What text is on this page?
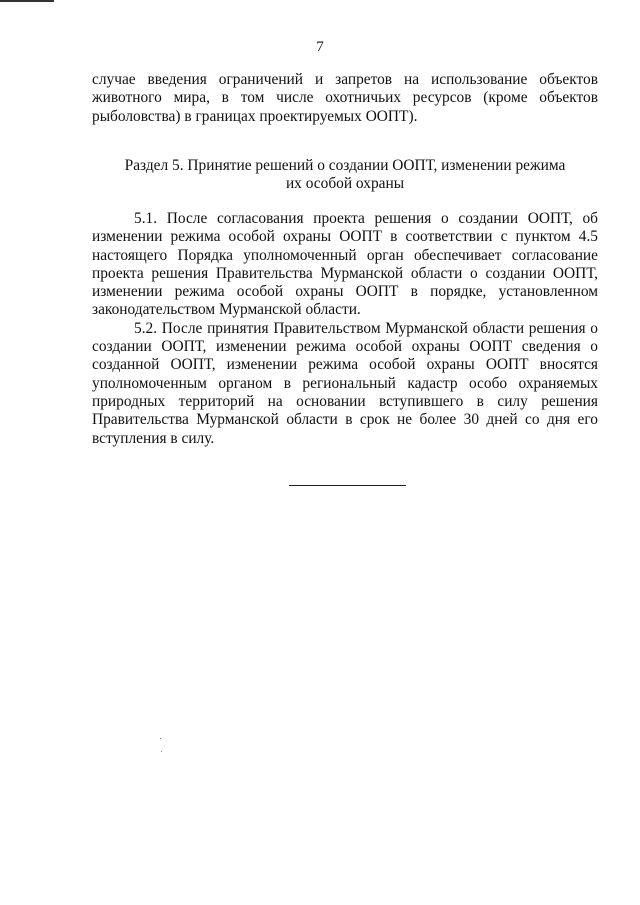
7
случае введения ограничений и запретов на использование объектов животного мира, в том числе охотничьих ресурсов (кроме объектов рыболовства) в границах проектируемых ООПТ).
Раздел 5. Принятие решений о создании ООПТ, изменении режима
их особой охраны

5.1. После согласования проекта решения о создании ООПТ, об изменении режима особой охраны ООПТ в соответствии с пунктом 4.5 настоящего Порядка уполномоченный орган обеспечивает согласование проекта решения Правительства Мурманской области о создании ООПТ, изменении режима особой охраны ООПТ в порядке, установленном законодательством Мурманской области.

5.2. После принятия Правительством Мурманской области решения о создании ООПТ, изменении режима особой охраны ООПТ сведения о созданной ООПТ, изменении режима особой охраны ООПТ вносятся уполномоченным органом в региональный кадастр особо охраняемых природных территорий на основании вступившего в силу решения Правительства Мурманской области в срок не более 30 дней со дня его вступления в силу.
